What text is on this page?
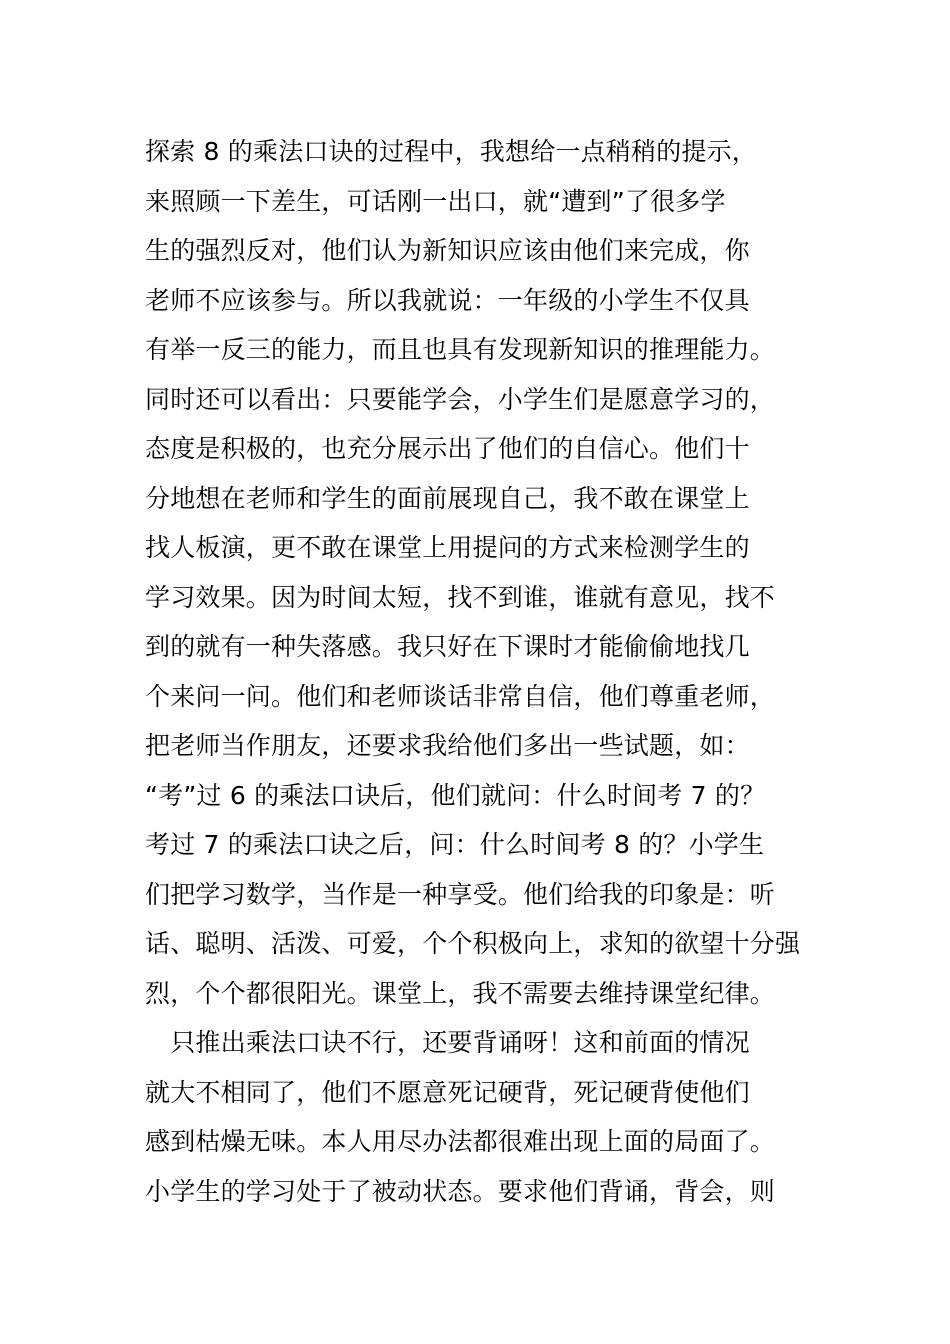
探索 8 的乘法口诀的过程中，我想给一点稍稍的提示，
来照顾一下差生，可话刚一出口，就“遭到”了很多学
生的强烈反对，他们认为新知识应该由他们来完成，你
老师不应该参与。所以我就说：一年级的小学生不仅具
有举一反三的能力，而且也具有发现新知识的推理能力。
同时还可以看出：只要能学会，小学生们是愿意学习的，
态度是积极的，也充分展示出了他们的自信心。他们十
分地想在老师和学生的面前展现自己，我不敢在课堂上
找人板演，更不敢在课堂上用提问的方式来检测学生的
学习效果。因为时间太短，找不到谁，谁就有意见，找不
到的就有一种失落感。我只好在下课时才能偷偷地找几
个来问一问。他们和老师谈话非常自信，他们尊重老师，
把老师当作朋友，还要求我给他们多出一些试题，如：
“考”过 6 的乘法口诀后，他们就问：什么时间考 7 的？
考过 7 的乘法口诀之后，问：什么时间考 8 的？小学生
们把学习数学，当作是一种享受。他们给我的印象是：听
话、聪明、活泼、可爱，个个积极向上，求知的欲望十分强
烈，个个都很阳光。课堂上，我不需要去维持课堂纪律。
　只推出乘法口诀不行，还要背诵呀！这和前面的情况
就大不相同了，他们不愿意死记硬背，死记硬背使他们
感到枯燥无味。本人用尽办法都很难出现上面的局面了。
小学生的学习处于了被动状态。要求他们背诵，背会，则
